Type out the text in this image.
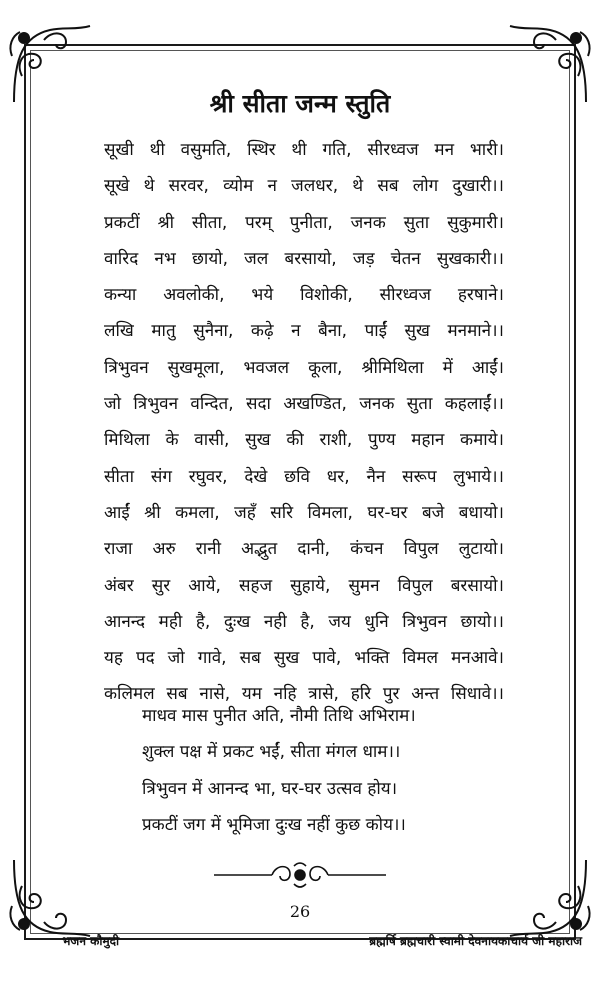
श्री सीता जन्म स्तुति
सूखी थी वसुमति, स्थिर थी गति, सीरध्वज मन भारी।
सूखे थे सरवर, व्योम न जलधर, थे सब लोग दुखारी।।
प्रकटीं श्री सीता, परम् पुनीता, जनक सुता सुकुमारी।
वारिद नभ छायो, जल बरसायो, जड़ चेतन सुखकारी।।
कन्या अवलोकी, भये विशोकी, सीरध्वज हरषाने।
लखि मातु सुनैना, कढ़े न बैना, पाईं सुख मनमाने।।
त्रिभुवन सुखमूला, भवजल कूला, श्रीमिथिला में आईं।
जो त्रिभुवन वन्दित, सदा अखण्डित, जनक सुता कहलाईं।।
मिथिला के वासी, सुख की राशी, पुण्य महान कमाये।
सीता संग रघुवर, देखे छवि धर, नैन सरूप लुभाये।।
आईं श्री कमला, जहँ सरि विमला, घर-घर बजे बधायो।
राजा अरु रानी अद्भुत दानी, कंचन विपुल लुटायो।
अंबर सुर आये, सहज सुहाये, सुमन विपुल बरसायो।
आनन्द मही है, दुःख नही है, जय धुनि त्रिभुवन छायो।।
यह पद जो गावे, सब सुख पावे, भक्ति विमल मनआवे।
कलिमल सब नासे, यम नहि त्रासे, हरि पुर अन्त सिधावे।।
माधव मास पुनीत अति, नौमी तिथि अभिराम।
शुक्ल पक्ष में प्रकट भईं, सीता मंगल धाम।।
त्रिभुवन में आनन्द भा, घर-घर उत्सव होय।
प्रकटीं जग में भूमिजा दुःख नहीं कुछ कोय।।
26
भजन कौमुदी	ब्रह्मर्षि ब्रह्मचारी स्वामी देवनायकाचार्य जी महाराज
